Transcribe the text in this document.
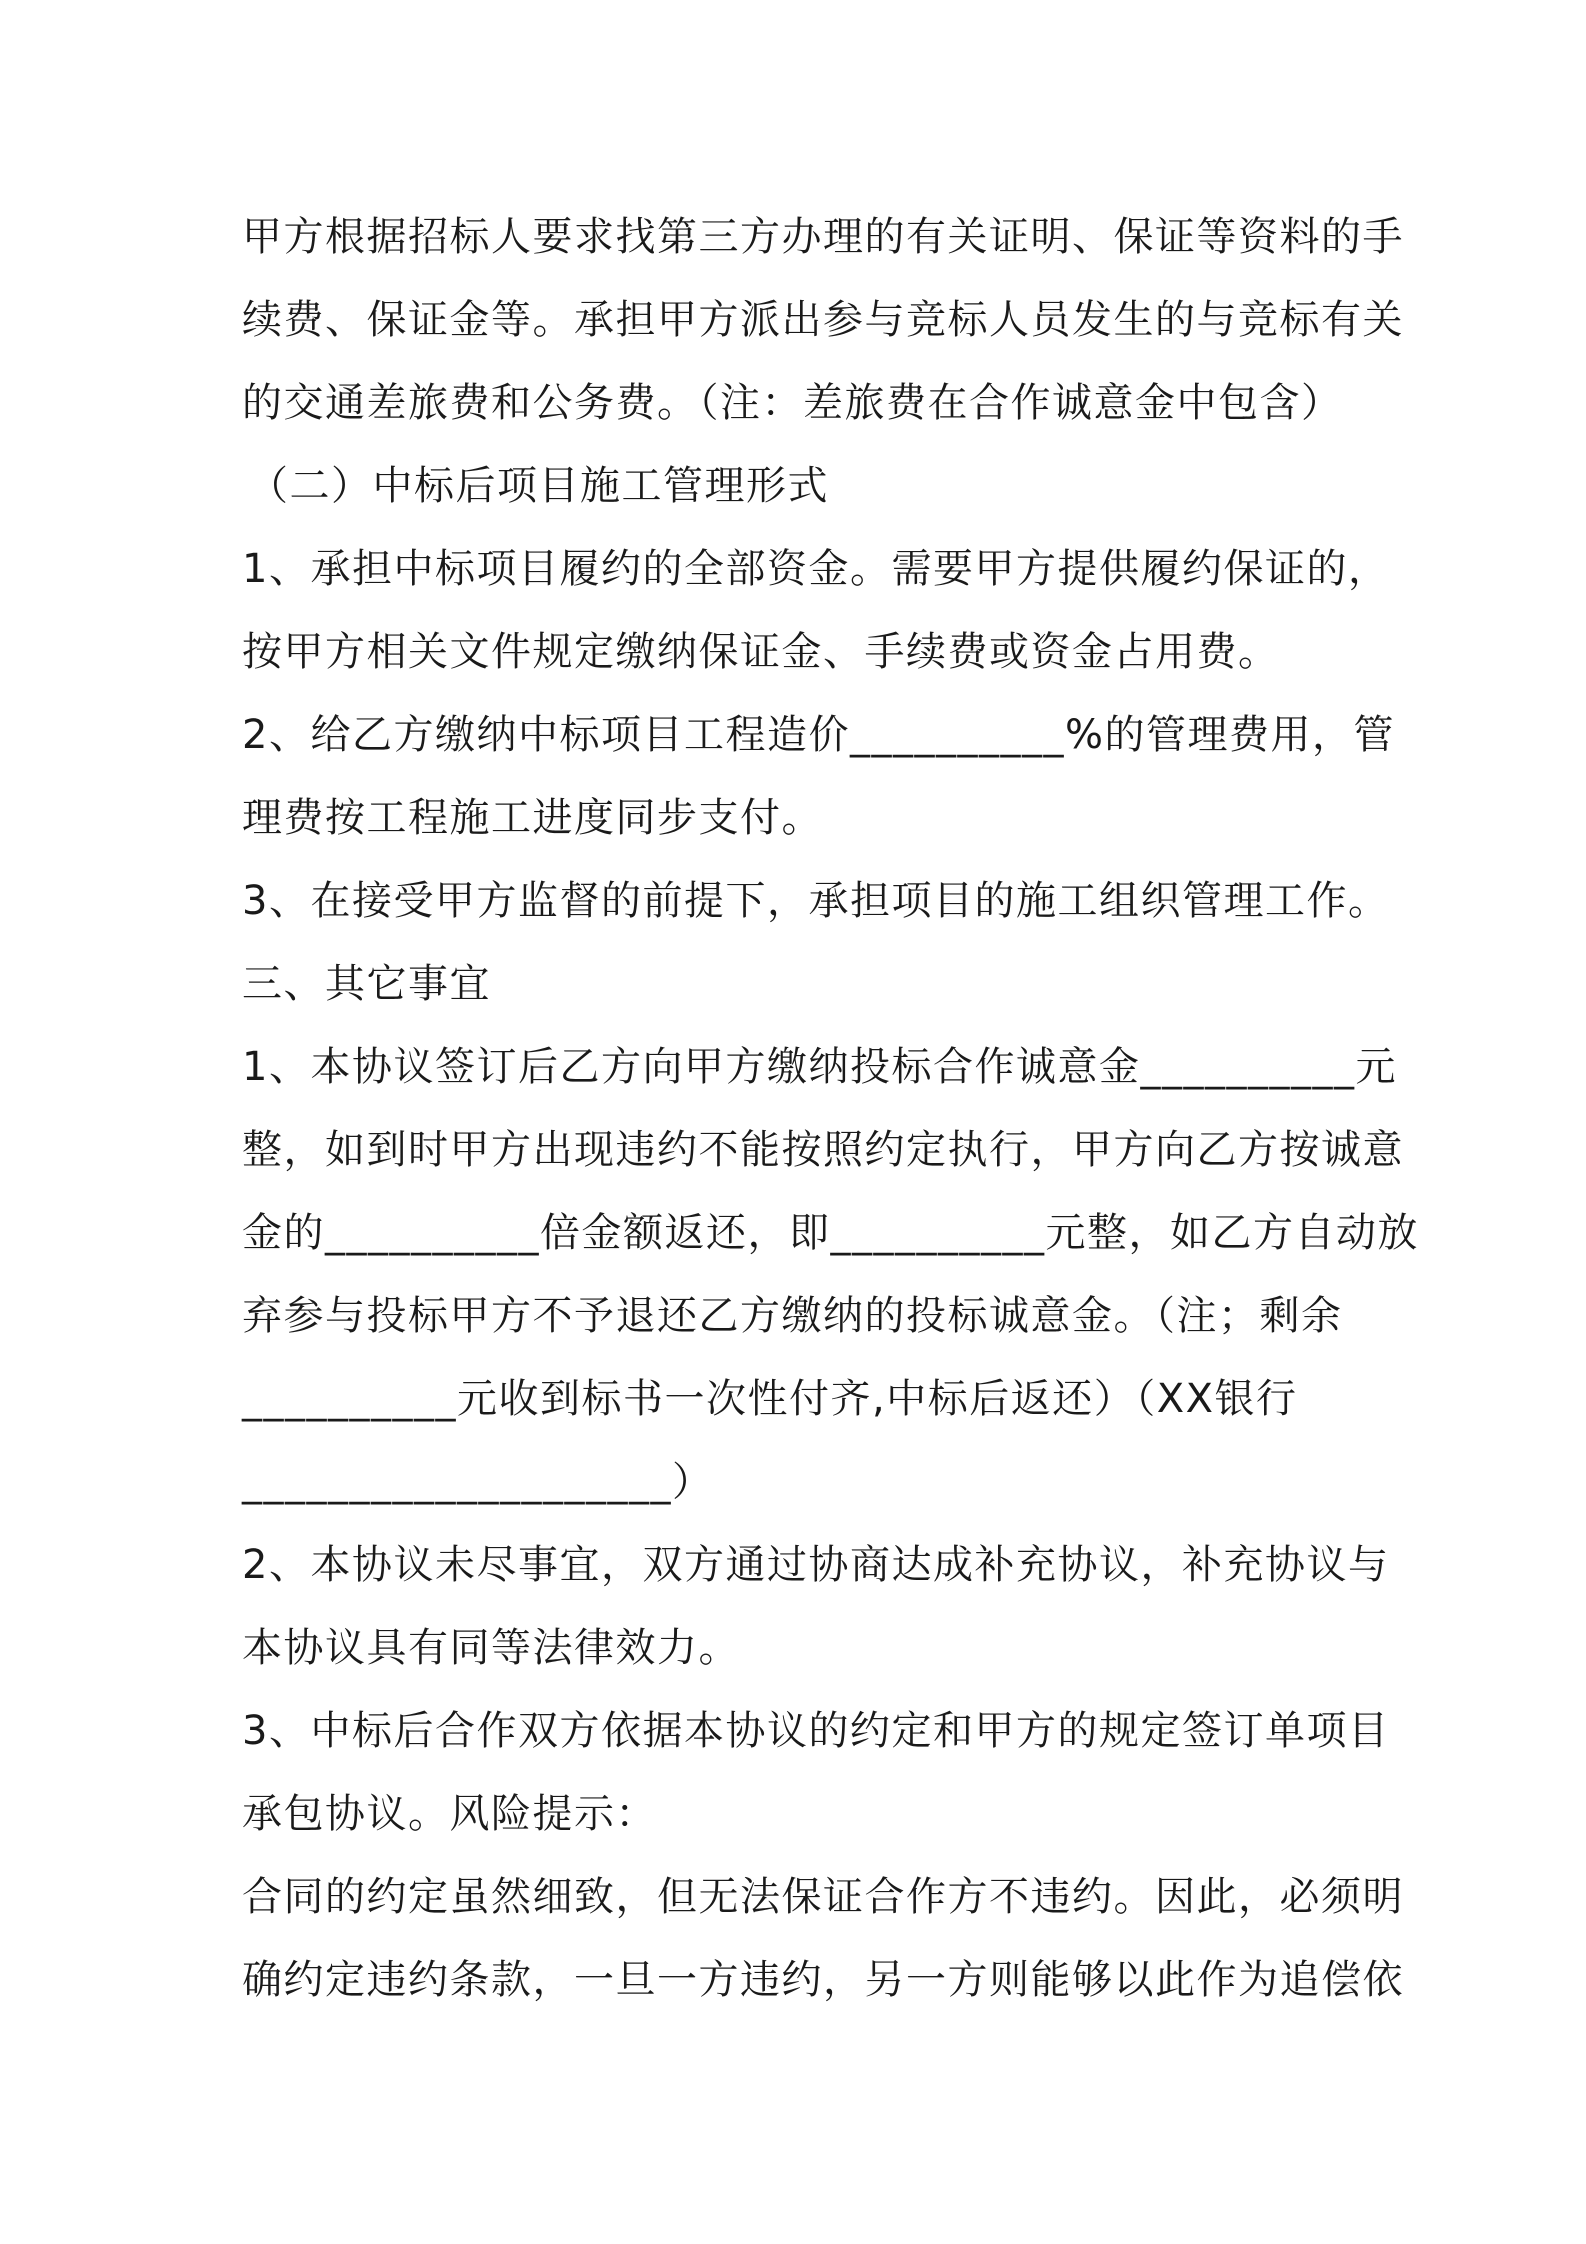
甲方根据招标人要求找第三方办理的有关证明、保证等资料的手
续费、保证金等。承担甲方派出参与竞标人员发生的与竞标有关
的交通差旅费和公务费。（注：差旅费在合作诚意金中包含）
（二）中标后项目施工管理形式
1、承担中标项目履约的全部资金。需要甲方提供履约保证的，
按甲方相关文件规定缴纳保证金、手续费或资金占用费。
2、给乙方缴纳中标项目工程造价__________%的管理费用，管
理费按工程施工进度同步支付。
3、在接受甲方监督的前提下，承担项目的施工组织管理工作。
三、其它事宜
1、本协议签订后乙方向甲方缴纳投标合作诚意金__________元
整，如到时甲方出现违约不能按照约定执行，甲方向乙方按诚意
金的__________倍金额返还，即__________元整，如乙方自动放
弃参与投标甲方不予退还乙方缴纳的投标诚意金。（注；剩余
__________元收到标书一次性付齐,中标后返还）（XX银行
____________________）
2、本协议未尽事宜，双方通过协商达成补充协议，补充协议与
本协议具有同等法律效力。
3、中标后合作双方依据本协议的约定和甲方的规定签订单项目
承包协议。风险提示：
合同的约定虽然细致，但无法保证合作方不违约。因此，必须明
确约定违约条款，一旦一方违约，另一方则能够以此作为追偿依
